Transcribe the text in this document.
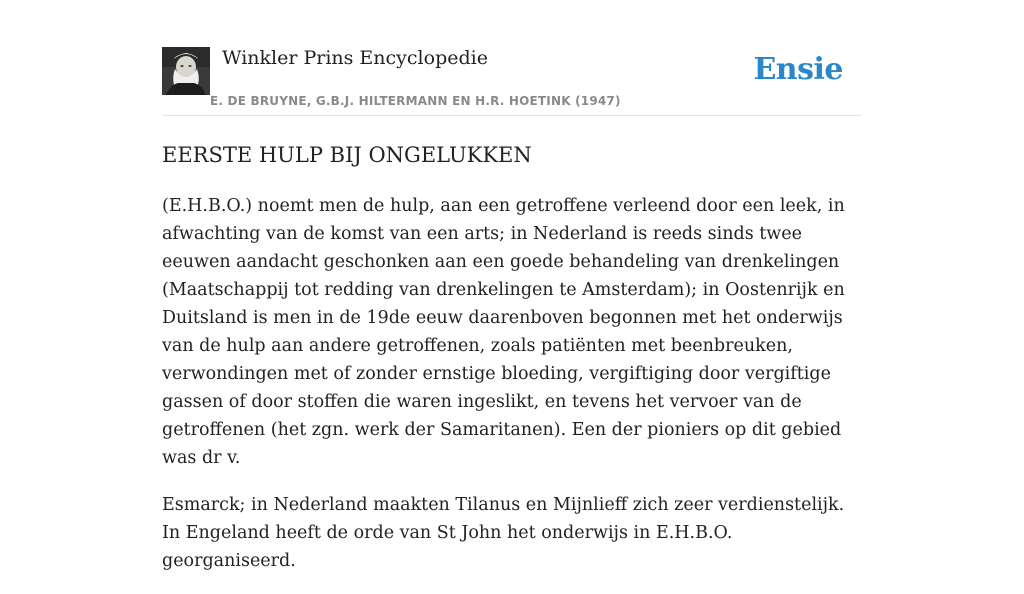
Winkler Prins Encyclopedie
E. DE BRUYNE, G.B.J. HILTERMANN EN H.R. HOETINK (1947)
Ensie
EERSTE HULP BIJ ONGELUKKEN

(E.H.B.O.) noemt men de hulp, aan een getroffene verleend door een leek, in afwachting van de komst van een arts; in Nederland is reeds sinds twee eeuwen aandacht geschonken aan een goede behandeling van drenkelingen (Maatschappij tot redding van drenkelingen te Amsterdam); in Oostenrijk en Duitsland is men in de 19de eeuw daarenboven begonnen met het onderwijs van de hulp aan andere getroffenen, zoals patiënten met beenbreuken, verwondingen met of zonder ernstige bloeding, vergiftiging door vergiftige gassen of door stoffen die waren ingeslikt, en tevens het vervoer van de getroffenen (het zgn. werk der Samaritanen). Een der pioniers op dit gebied was dr v.

Esmarck; in Nederland maakten Tilanus en Mijnlieff zich zeer verdienstelijk. In Engeland heeft de orde van St John het onderwijs in E.H.B.O. georganiseerd.
